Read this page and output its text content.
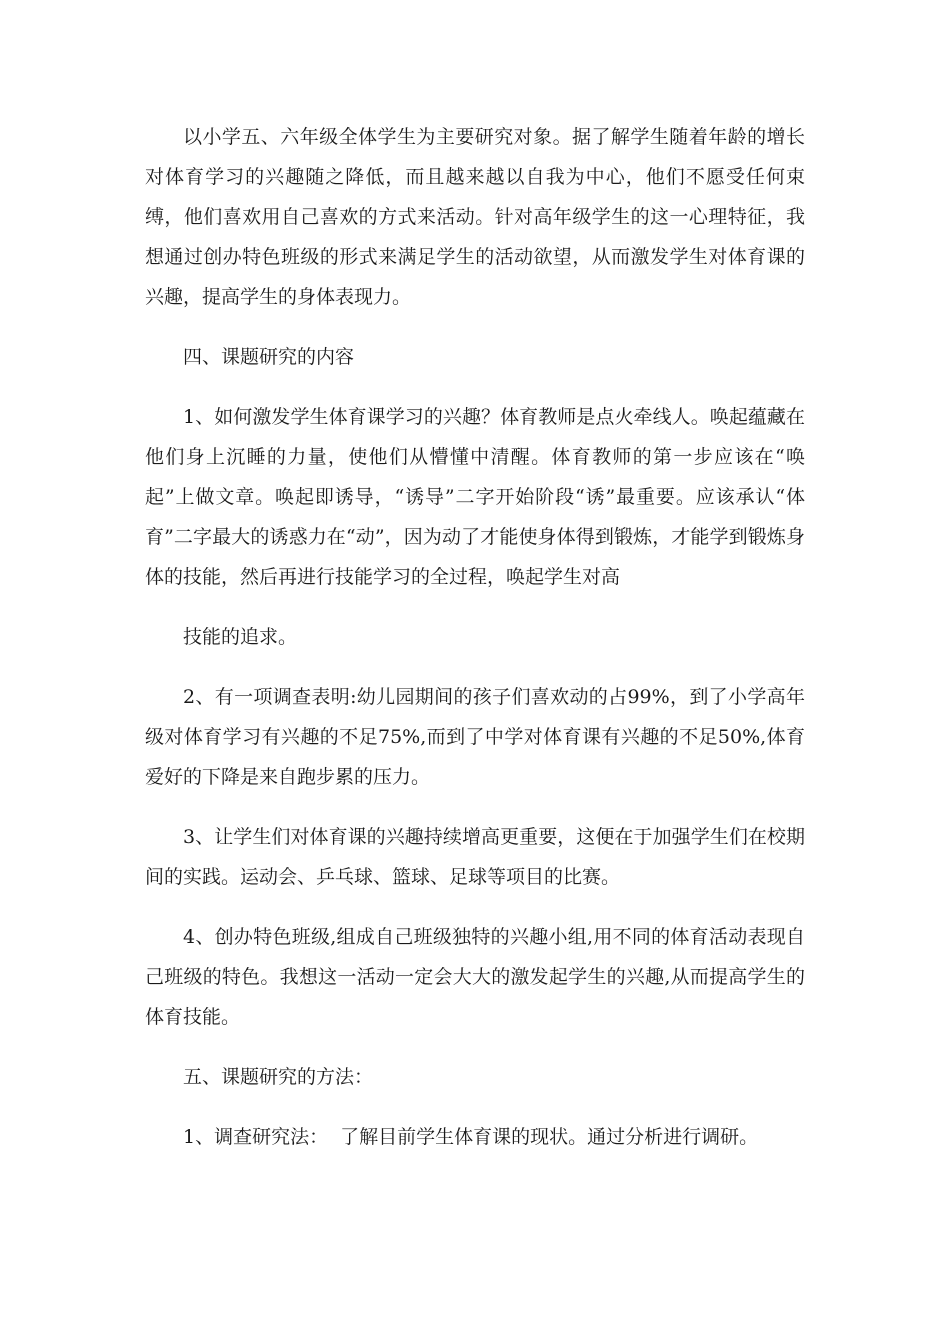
以小学五、六年级全体学生为主要研究对象。据了解学生随着年龄的增长对体育学习的兴趣随之降低，而且越来越以自我为中心，他们不愿受任何束缚，他们喜欢用自己喜欢的方式来活动。针对高年级学生的这一心理特征，我想通过创办特色班级的形式来满足学生的活动欲望，从而激发学生对体育课的兴趣，提高学生的身体表现力。

四、课题研究的内容

1、如何激发学生体育课学习的兴趣？体育教师是点火牵线人。唤起蕴藏在他们身上沉睡的力量，使他们从懵懂中清醒。体育教师的第一步应该在“唤起”上做文章。唤起即诱导，“诱导”二字开始阶段“诱”最重要。应该承认“体育”二字最大的诱惑力在“动”，因为动了才能使身体得到锻炼，才能学到锻炼身体的技能，然后再进行技能学习的全过程，唤起学生对高

技能的追求。

2、有一项调查表明:幼儿园期间的孩子们喜欢动的占99%，到了小学高年级对体育学习有兴趣的不足75%,而到了中学对体育课有兴趣的不足50%,体育爱好的下降是来自跑步累的压力。

3、让学生们对体育课的兴趣持续增高更重要，这便在于加强学生们在校期间的实践。运动会、乒乓球、篮球、足球等项目的比赛。

4、创办特色班级,组成自己班级独特的兴趣小组,用不同的体育活动表现自己班级的特色。我想这一活动一定会大大的激发起学生的兴趣,从而提高学生的体育技能。

五、课题研究的方法：

1、调查研究法：  了解目前学生体育课的现状。通过分析进行调研。
